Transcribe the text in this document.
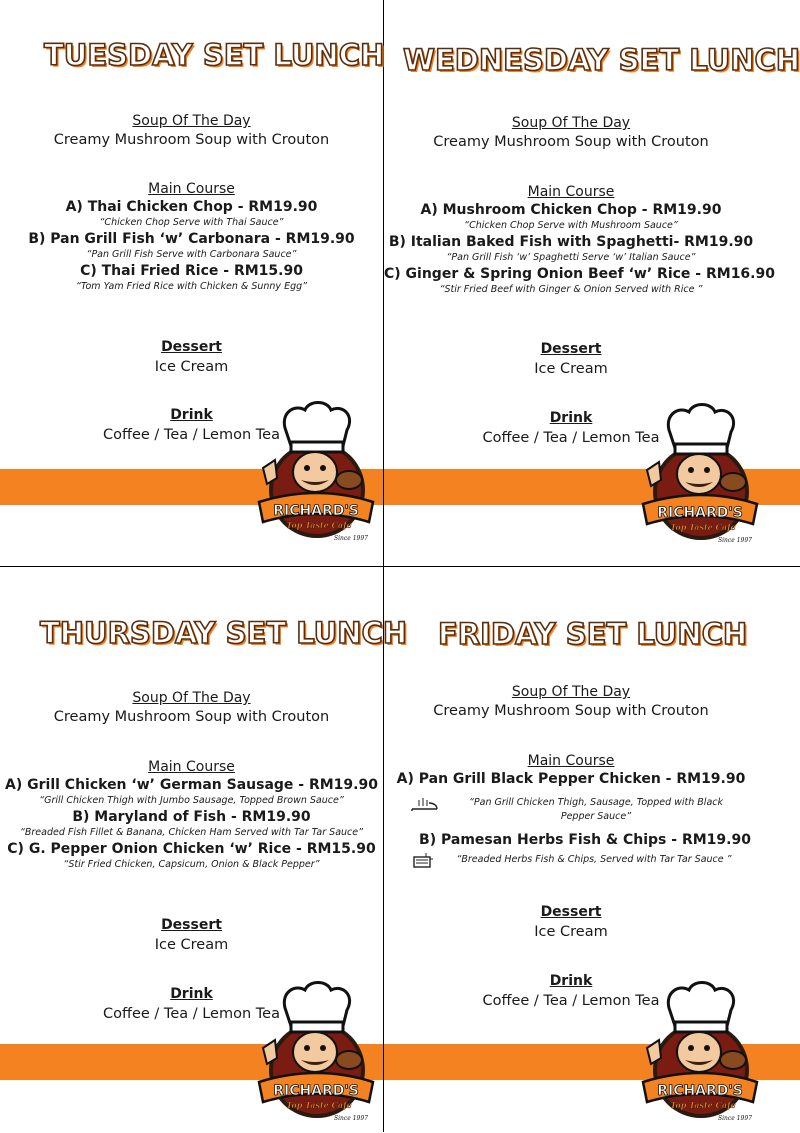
TUESDAY SET LUNCH
Soup Of The Day
Creamy Mushroom Soup with Crouton
Main Course
A) Thai Chicken Chop - RM19.90
“Chicken Chop Serve with Thai Sauce”
B) Pan Grill Fish ‘w’ Carbonara - RM19.90
“Pan Grill Fish Serve with Carbonara Sauce”
C) Thai Fried Rice - RM15.90
“Tom Yam Fried Rice with Chicken & Sunny Egg”
Dessert
Ice Cream
Drink
Coffee / Tea / Lemon Tea
WEDNESDAY SET LUNCH
Soup Of The Day
Creamy Mushroom Soup with Crouton
Main Course
A) Mushroom Chicken Chop - RM19.90
“Chicken Chop Serve with Mushroom Sauce”
B) Italian Baked Fish with Spaghetti- RM19.90
“Pan Grill Fish ‘w’ Spaghetti Serve ‘w’ Italian Sauce”
C) Ginger & Spring Onion Beef ‘w’ Rice - RM16.90
“Stir Fried Beef with Ginger & Onion Served with Rice ”
Dessert
Ice Cream
Drink
Coffee / Tea / Lemon Tea
THURSDAY SET LUNCH
Soup Of The Day
Creamy Mushroom Soup with Crouton
Main Course
A) Grill Chicken ‘w’ German Sausage - RM19.90
“Grill Chicken Thigh with Jumbo Sausage, Topped Brown Sauce”
B) Maryland of Fish - RM19.90
“Breaded Fish Fillet & Banana, Chicken Ham Served with Tar Tar Sauce”
C) G. Pepper Onion Chicken ‘w’ Rice - RM15.90
“Stir Fried Chicken, Capsicum, Onion & Black Pepper”
Dessert
Ice Cream
Drink
Coffee / Tea / Lemon Tea
FRIDAY SET LUNCH
Soup Of The Day
Creamy Mushroom Soup with Crouton
Main Course
A) Pan Grill Black Pepper Chicken - RM19.90
“Pan Grill Chicken Thigh, Sausage, Topped with Black
Pepper Sauce”
B) Pamesan Herbs Fish & Chips - RM19.90
“Breaded Herbs Fish & Chips, Served with Tar Tar Sauce ”
Dessert
Ice Cream
Drink
Coffee / Tea / Lemon Tea
RICHARD'S
Top Taste Cafe
Since 1997
RICHARD'S
Top Taste Cafe
Since 1997
RICHARD'S
Top Taste Cafe
Since 1997
RICHARD'S
Top Taste Cafe
Since 1997
